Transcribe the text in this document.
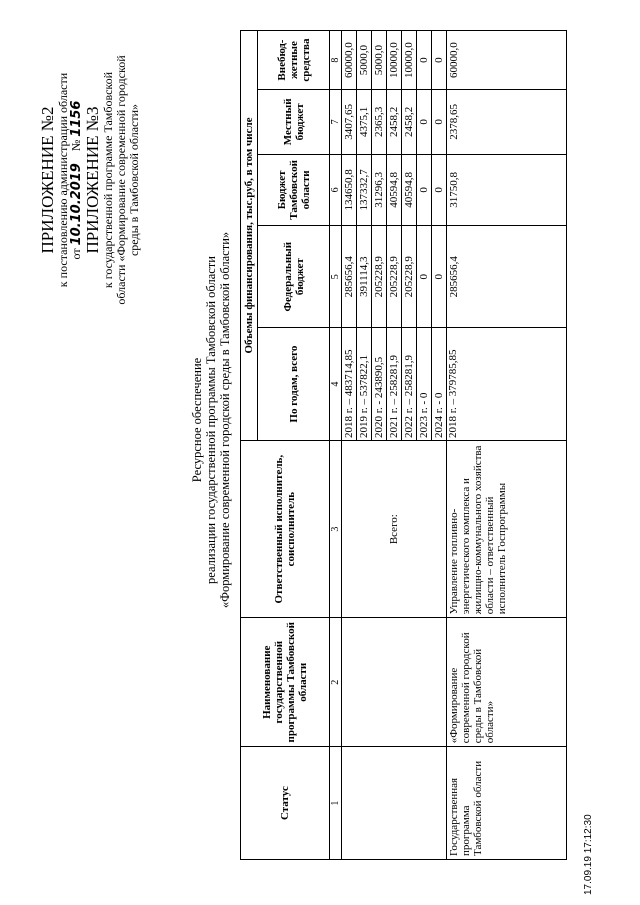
ПРИЛОЖЕНИЕ №2 к постановлению администрации области от 10.10.2019    № 1156 ПРИЛОЖЕНИЕ №3 к государственной программе Тамбовской области «Формирование современной городской среды в Тамбовской области»
Ресурсное обеспечение реализации государственной программы Тамбовской области «Формирование современной городской среды в Тамбовской области»
Статус	Наименование государственной программы Тамбовской области	Ответственный исполнитель, соисполнитель	Объемы финансирования, тыс.руб, в том числе				
			По годам, всего	Федеральный бюджет	Бюджет Тамбовской области	Местный бюджет	Внебюд-жетные средства
1	2	3	4	5	6	7	8
		Всего:	2018 г. – 483714,85	285656,4	134650,8	3407,65	60000,0
			2019 г. – 537822,1	391114,3	137332,7	4375,1	5000,0
			2020 г. - 243890,5	205228,9	31296,3	2365,3	5000,0
			2021 г. – 258281,9	205228,9	40594,8	2458,2	10000,0
			2022 г. – 258281,9	205228,9	40594,8	2458,2	10000,0
			2023 г. - 0	0	0	0	0
			2024 г. - 0	0	0	0	0
Государственная программа Тамбовской области	«Формирование современной городской среды в Тамбовской области»	Управление топливно-энергетического комплекса и жилищно-коммунального хозяйства области – ответственный исполнитель Госпрограммы	2018 г. – 379785,85	285656,4	31750,8	2378,65	60000,0
17.09.19 17:12:30
